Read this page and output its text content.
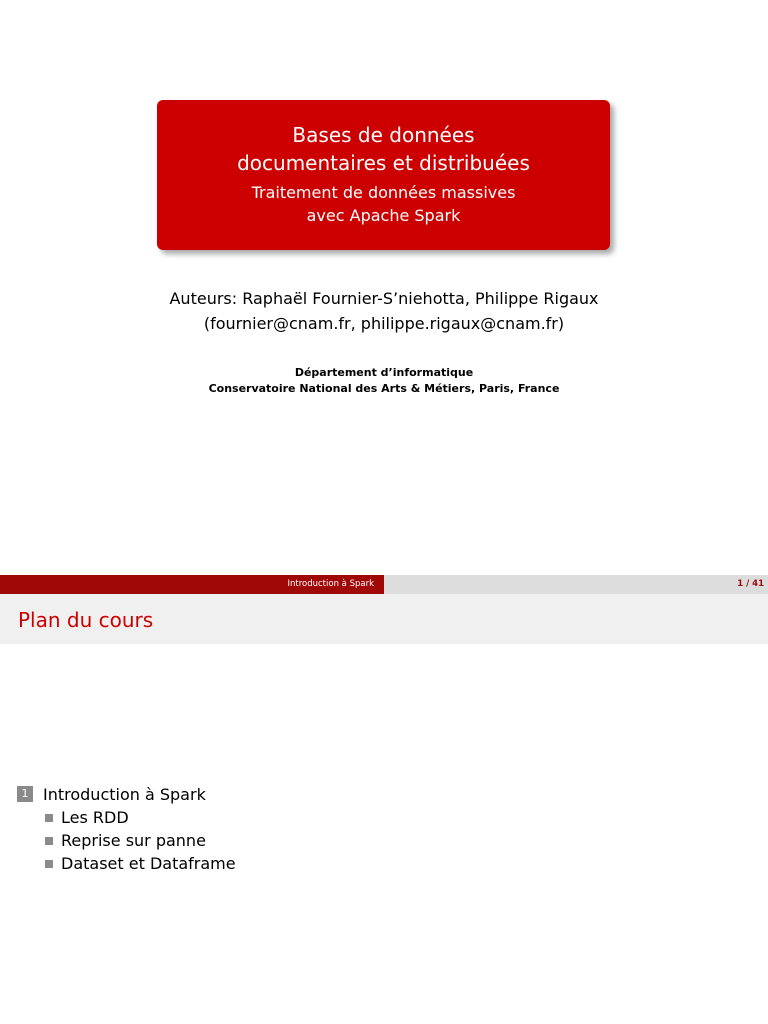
Bases de données
documentaires et distribuées
Traitement de données massives
avec Apache Spark
Auteurs: Raphaël Fournier-S’niehotta, Philippe Rigaux
(fournier@cnam.fr, philippe.rigaux@cnam.fr)
Département d’informatique
Conservatoire National des Arts & Métiers, Paris, France
Introduction à Spark	1 / 41
Plan du cours
1 Introduction à Spark
Les RDD
Reprise sur panne
Dataset et Dataframe
